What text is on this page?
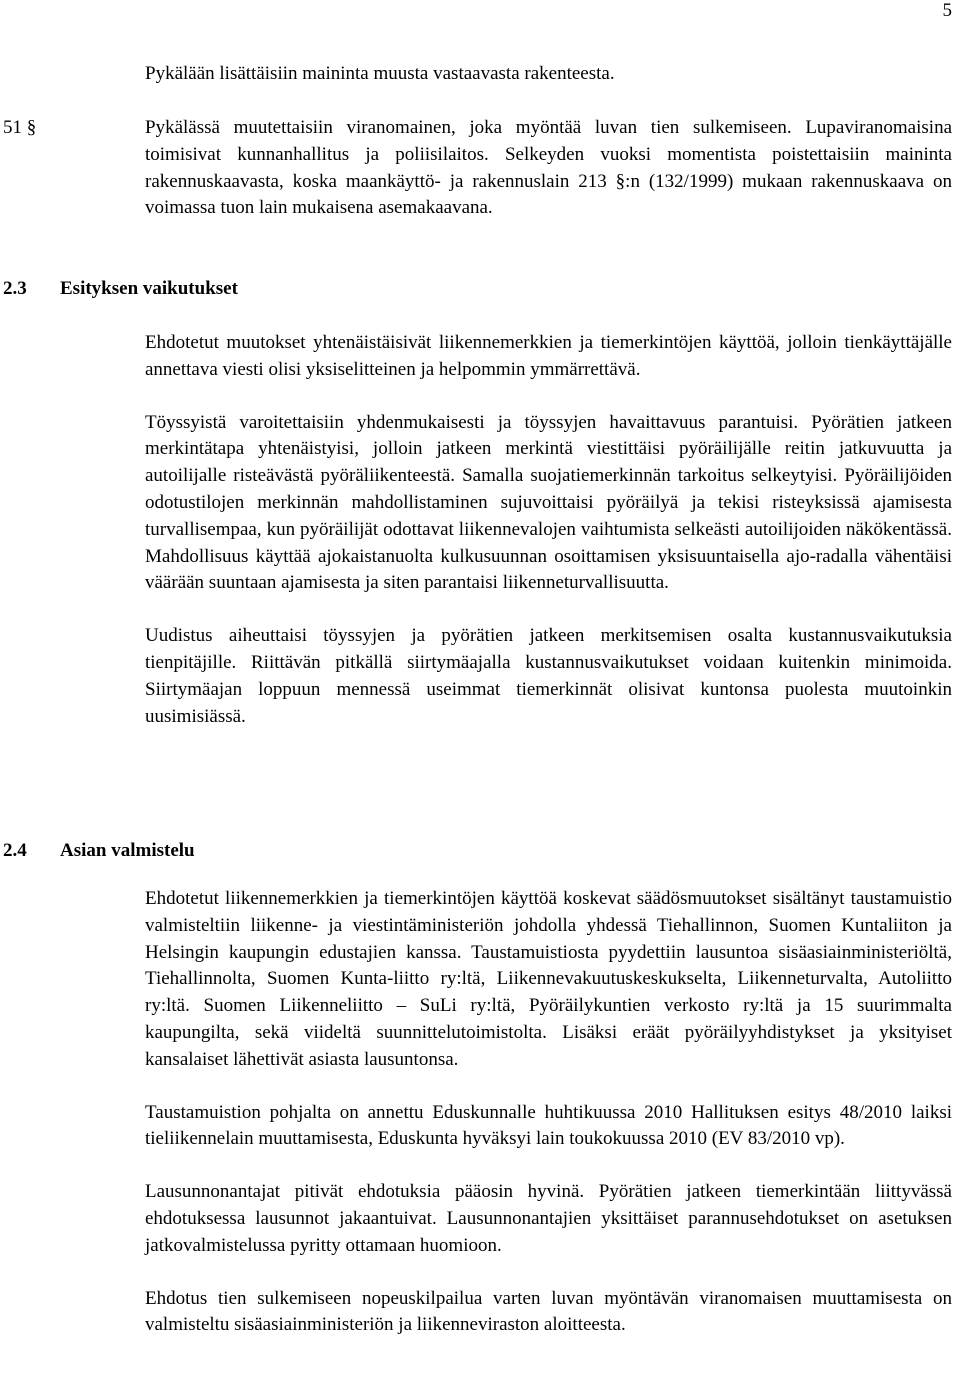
5

Pykälään lisättäisiin maininta muusta vastaavasta rakenteesta.

51 §	Pykälässä muutettaisiin viranomainen, joka myöntää luvan tien sulkemiseen. Lupaviranomaisina toimisivat kunnanhallitus ja poliisilaitos. Selkeyden vuoksi momentista poistettaisiin maininta rakennuskaavasta, koska maankäyttö- ja rakennuslain 213 §:n (132/1999) mukaan rakennuskaava on voimassa tuon lain mukaisena asemakaavana.

2.3 Esityksen vaikutukset

Ehdotetut muutokset yhtenäistäisivät liikennemerkkien ja tiemerkintöjen käyttöä, jolloin tienkäyttäjälle annettava viesti olisi yksiselitteinen ja helpommin ymmärrettävä.

Töyssyistä varoitettaisiin yhdenmukaisesti ja töyssyjen havaittavuus parantuisi. Pyörätien jatkeen merkintätapa yhtenäistyisi, jolloin jatkeen merkintä viestittäisi pyöräilijälle reitin jatkuvuutta ja autoilijalle risteävästä pyöräliikenteestä. Samalla suojatiemerkinnän tarkoitus selkeytyisi. Pyöräilijöiden odotustilojen merkinnän mahdollistaminen sujuvoittaisi pyöräilyä ja tekisi risteyksissä ajamisesta turvallisempaa, kun pyöräilijät odottavat liikennevalojen vaihtumista selkeästi autoilijoiden näkökentässä. Mahdollisuus käyttää ajokaistanuolta kulkusuunnan osoittamisen yksisuuntaisella ajo-radalla vähentäisi väärään suuntaan ajamisesta ja siten parantaisi liikenneturvallisuutta.

Uudistus aiheuttaisi töyssyjen ja pyörätien jatkeen merkitsemisen osalta kustannusvaikutuksia tienpitäjille. Riittävän pitkällä siirtymäajalla kustannusvaikutukset voidaan kuitenkin minimoida. Siirtymäajan loppuun mennessä useimmat tiemerkinnät olisivat kuntonsa puolesta muutoinkin uusimisiässä.

2.4 Asian valmistelu

Ehdotetut liikennemerkkien ja tiemerkintöjen käyttöä koskevat säädösmuutokset sisältänyt taustamuistio valmisteltiin liikenne- ja viestintäministeriön johdolla yhdessä Tiehallinnon, Suomen Kuntaliiton ja Helsingin kaupungin edustajien kanssa. Taustamuistiosta pyydettiin lausuntoa sisäasiainministeriöltä, Tiehallinnolta, Suomen Kunta-liitto ry:ltä, Liikennevakuutuskeskukselta, Liikenneturvalta, Autoliitto ry:ltä. Suomen Liikenneliitto – SuLi ry:ltä, Pyöräilykuntien verkosto ry:ltä ja 15 suurimmalta kaupungilta, sekä viideltä suunnittelutoimistolta. Lisäksi eräät pyöräilyyhdistykset ja yksityiset kansalaiset lähettivät asiasta lausuntonsa.

Taustamuistion pohjalta on annettu Eduskunnalle huhtikuussa 2010 Hallituksen esitys 48/2010 laiksi tieliikennelain muuttamisesta, Eduskunta hyväksyi lain toukokuussa 2010 (EV 83/2010 vp).

Lausunnonantajat pitivät ehdotuksia pääosin hyvinä. Pyörätien jatkeen tiemerkintään liittyvässä ehdotuksessa lausunnot jakaantuivat. Lausunnonantajien yksittäiset parannusehdotukset on asetuksen jatkovalmistelussa pyritty ottamaan huomioon.

Ehdotus tien sulkemiseen nopeuskilpailua varten luvan myöntävän viranomaisen muuttamisesta on valmisteltu sisäasiainministeriön ja liikenneviraston aloitteesta.
